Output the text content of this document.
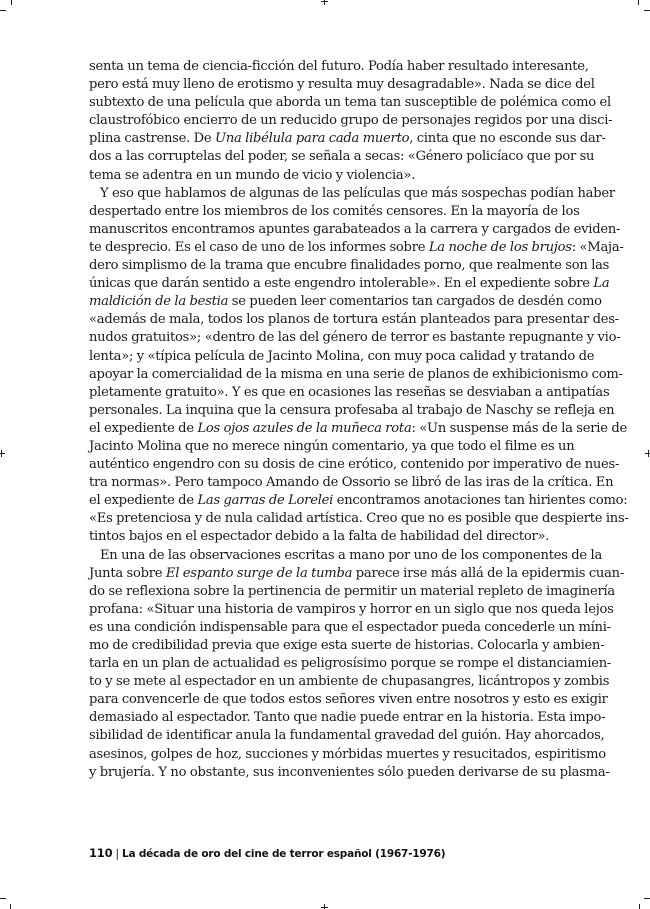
senta un tema de ciencia-ficción del futuro. Podía haber resultado interesante,
pero está muy lleno de erotismo y resulta muy desagradable». Nada se dice del
subtexto de una película que aborda un tema tan susceptible de polémica como el
claustrofóbico encierro de un reducido grupo de personajes regidos por una disci-
plina castrense. De Una libélula para cada muerto, cinta que no esconde sus dar-
dos a las corruptelas del poder, se señala a secas: «Género policíaco que por su
tema se adentra en un mundo de vicio y violencia».
Y eso que hablamos de algunas de las películas que más sospechas podían haber
despertado entre los miembros de los comités censores. En la mayoría de los
manuscritos encontramos apuntes garabateados a la carrera y cargados de eviden-
te desprecio. Es el caso de uno de los informes sobre La noche de los brujos: «Maja-
dero simplismo de la trama que encubre finalidades porno, que realmente son las
únicas que darán sentido a este engendro intolerable». En el expediente sobre La
maldición de la bestia se pueden leer comentarios tan cargados de desdén como
«además de mala, todos los planos de tortura están planteados para presentar des-
nudos gratuitos»; «dentro de las del género de terror es bastante repugnante y vio-
lenta»; y «típica película de Jacinto Molina, con muy poca calidad y tratando de
apoyar la comercialidad de la misma en una serie de planos de exhibicionismo com-
pletamente gratuito». Y es que en ocasiones las reseñas se desviaban a antipatías
personales. La inquina que la censura profesaba al trabajo de Naschy se refleja en
el expediente de Los ojos azules de la muñeca rota: «Un suspense más de la serie de
Jacinto Molina que no merece ningún comentario, ya que todo el filme es un
auténtico engendro con su dosis de cine erótico, contenido por imperativo de nues-
tra normas». Pero tampoco Amando de Ossorio se libró de las iras de la crítica. En
el expediente de Las garras de Lorelei encontramos anotaciones tan hirientes como:
«Es pretenciosa y de nula calidad artística. Creo que no es posible que despierte ins-
tintos bajos en el espectador debido a la falta de habilidad del director».
En una de las observaciones escritas a mano por uno de los componentes de la
Junta sobre El espanto surge de la tumba parece irse más allá de la epidermis cuan-
do se reflexiona sobre la pertinencia de permitir un material repleto de imaginería
profana: «Situar una historia de vampiros y horror en un siglo que nos queda lejos
es una condición indispensable para que el espectador pueda concederle un míni-
mo de credibilidad previa que exige esta suerte de historias. Colocarla y ambien-
tarla en un plan de actualidad es peligrosísimo porque se rompe el distanciamien-
to y se mete al espectador en un ambiente de chupasangres, licántropos y zombis
para convencerle de que todos estos señores viven entre nosotros y esto es exigir
demasiado al espectador. Tanto que nadie puede entrar en la historia. Esta impo-
sibilidad de identificar anula la fundamental gravedad del guión. Hay ahorcados,
asesinos, golpes de hoz, succiones y mórbidas muertes y resucitados, espiritismo
y brujería. Y no obstante, sus inconvenientes sólo pueden derivarse de su plasma-
110 | La década de oro del cine de terror español (1967-1976)
